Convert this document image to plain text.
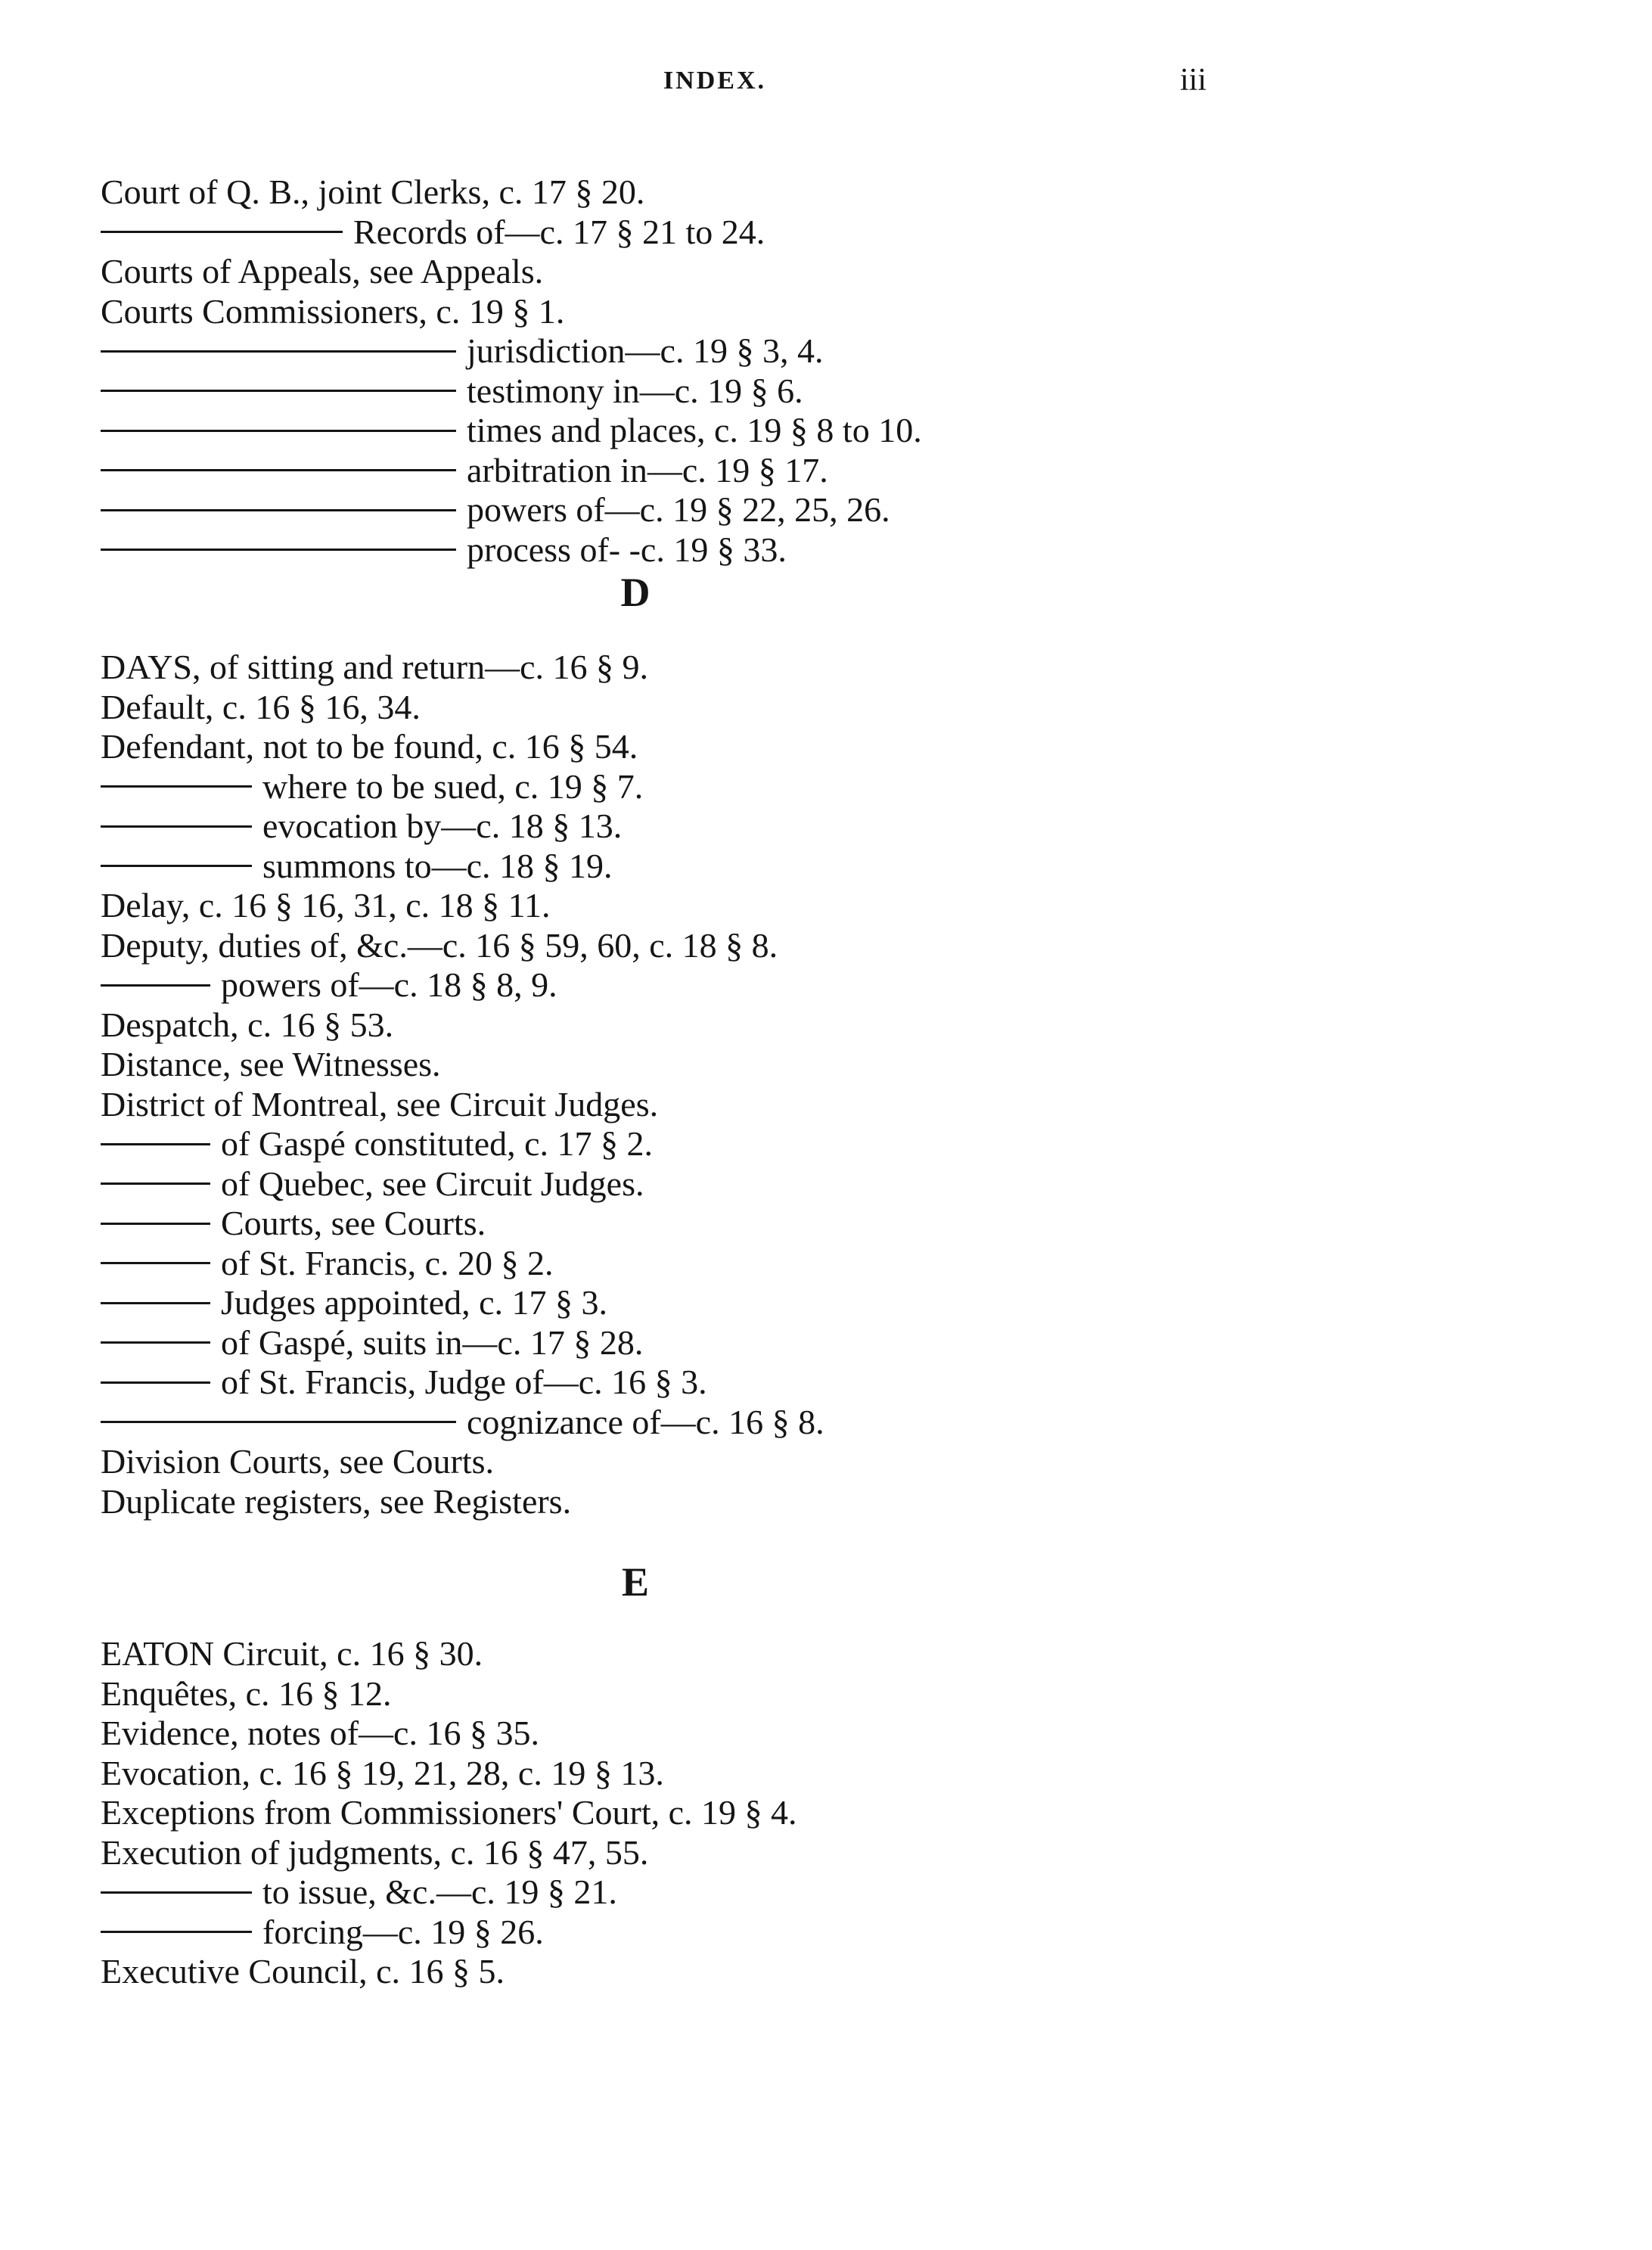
INDEX.	iii
Court of Q. B., joint Clerks, c. 17 § 20.
Records of—c. 17 § 21 to 24.
Courts of Appeals, see Appeals.
Courts Commissioners, c. 19 § 1.
jurisdiction—c. 19 § 3, 4.
testimony in—c. 19 § 6.
times and places, c. 19 § 8 to 10.
arbitration in—c. 19 § 17.
powers of—c. 19 § 22, 25, 26.
process of- -c. 19 § 33.
D
DAYS, of sitting and return—c. 16 § 9.
Default, c. 16 § 16, 34.
Defendant, not to be found, c. 16 § 54.
where to be sued, c. 19 § 7.
evocation by—c. 18 § 13.
summons to—c. 18 § 19.
Delay, c. 16 § 16, 31, c. 18 § 11.
Deputy, duties of, &c.—c. 16 § 59, 60, c. 18 § 8.
powers of—c. 18 § 8, 9.
Despatch, c. 16 § 53.
Distance, see Witnesses.
District of Montreal, see Circuit Judges.
of Gaspé constituted, c. 17 § 2.
of Quebec, see Circuit Judges.
Courts, see Courts.
of St. Francis, c. 20 § 2.
Judges appointed, c. 17 § 3.
of Gaspé, suits in—c. 17 § 28.
of St. Francis, Judge of—c. 16 § 3.
cognizance of—c. 16 § 8.
Division Courts, see Courts.
Duplicate registers, see Registers.
E
EATON Circuit, c. 16 § 30.
Enquêtes, c. 16 § 12.
Evidence, notes of—c. 16 § 35.
Evocation, c. 16 § 19, 21, 28, c. 19 § 13.
Exceptions from Commissioners' Court, c. 19 § 4.
Execution of judgments, c. 16 § 47, 55.
to issue, &c.—c. 19 § 21.
forcing—c. 19 § 26.
Executive Council, c. 16 § 5.
